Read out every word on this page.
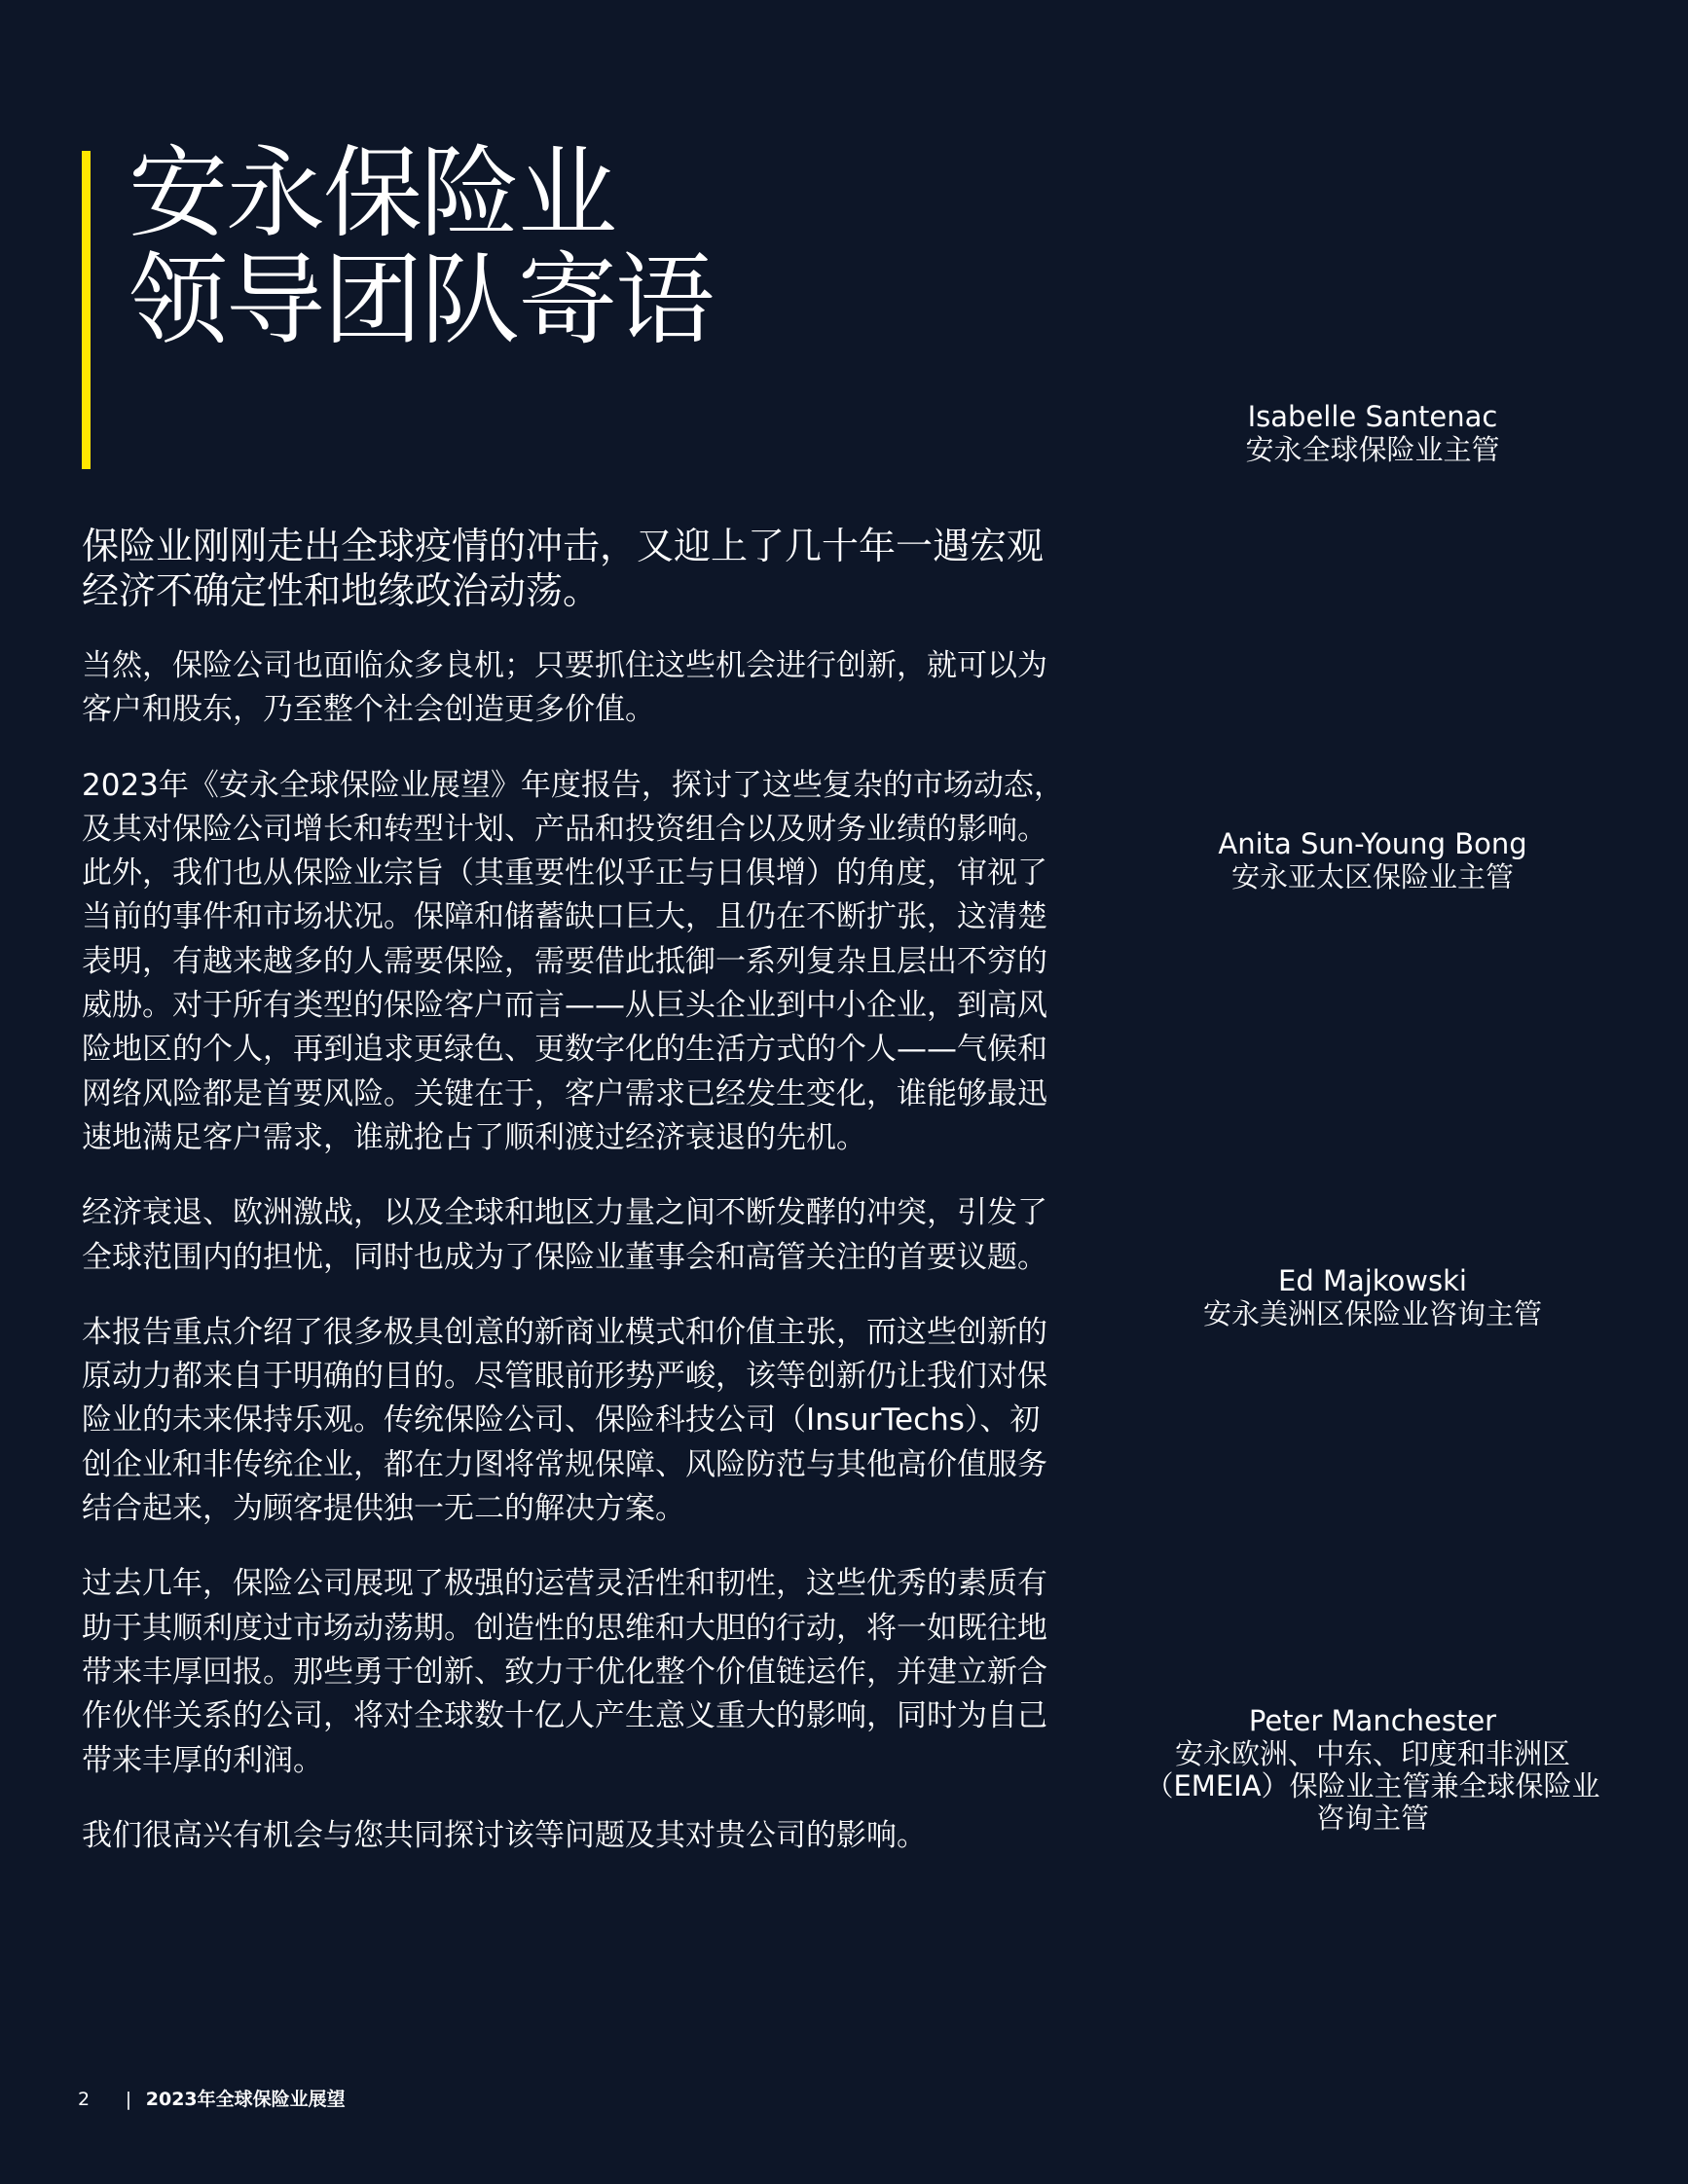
安永保险业
领导团队寄语

保险业刚刚走出全球疫情的冲击，又迎上了几十年一遇宏观经济不确定性和地缘政治动荡。

当然，保险公司也面临众多良机；只要抓住这些机会进行创新，就可以为客户和股东，乃至整个社会创造更多价值。

2023年《安永全球保险业展望》年度报告，探讨了这些复杂的市场动态，及其对保险公司增长和转型计划、产品和投资组合以及财务业绩的影响。此外，我们也从保险业宗旨（其重要性似乎正与日俱增）的角度，审视了当前的事件和市场状况。保障和储蓄缺口巨大，且仍在不断扩张，这清楚表明，有越来越多的人需要保险，需要借此抵御一系列复杂且层出不穷的威胁。对于所有类型的保险客户而言——从巨头企业到中小企业，到高风险地区的个人，再到追求更绿色、更数字化的生活方式的个人——气候和网络风险都是首要风险。关键在于，客户需求已经发生变化，谁能够最迅速地满足客户需求，谁就抢占了顺利渡过经济衰退的先机。

经济衰退、欧洲激战，以及全球和地区力量之间不断发酵的冲突，引发了全球范围内的担忧，同时也成为了保险业董事会和高管关注的首要议题。

本报告重点介绍了很多极具创意的新商业模式和价值主张，而这些创新的原动力都来自于明确的目的。尽管眼前形势严峻，该等创新仍让我们对保险业的未来保持乐观。传统保险公司、保险科技公司（InsurTechs）、初创企业和非传统企业，都在力图将常规保障、风险防范与其他高价值服务结合起来，为顾客提供独一无二的解决方案。

过去几年，保险公司展现了极强的运营灵活性和韧性，这些优秀的素质有助于其顺利度过市场动荡期。创造性的思维和大胆的行动，将一如既往地带来丰厚回报。那些勇于创新、致力于优化整个价值链运作，并建立新合作伙伴关系的公司，将对全球数十亿人产生意义重大的影响，同时为自己带来丰厚的利润。

我们很高兴有机会与您共同探讨该等问题及其对贵公司的影响。

Isabelle Santenac
安永全球保险业主管
Anita Sun-Young Bong
安永亚太区保险业主管
Ed Majkowski
安永美洲区保险业咨询主管
Peter Manchester
安永欧洲、中东、印度和非洲区
（EMEIA）保险业主管兼全球保险业
咨询主管
2 | 2023年全球保险业展望
